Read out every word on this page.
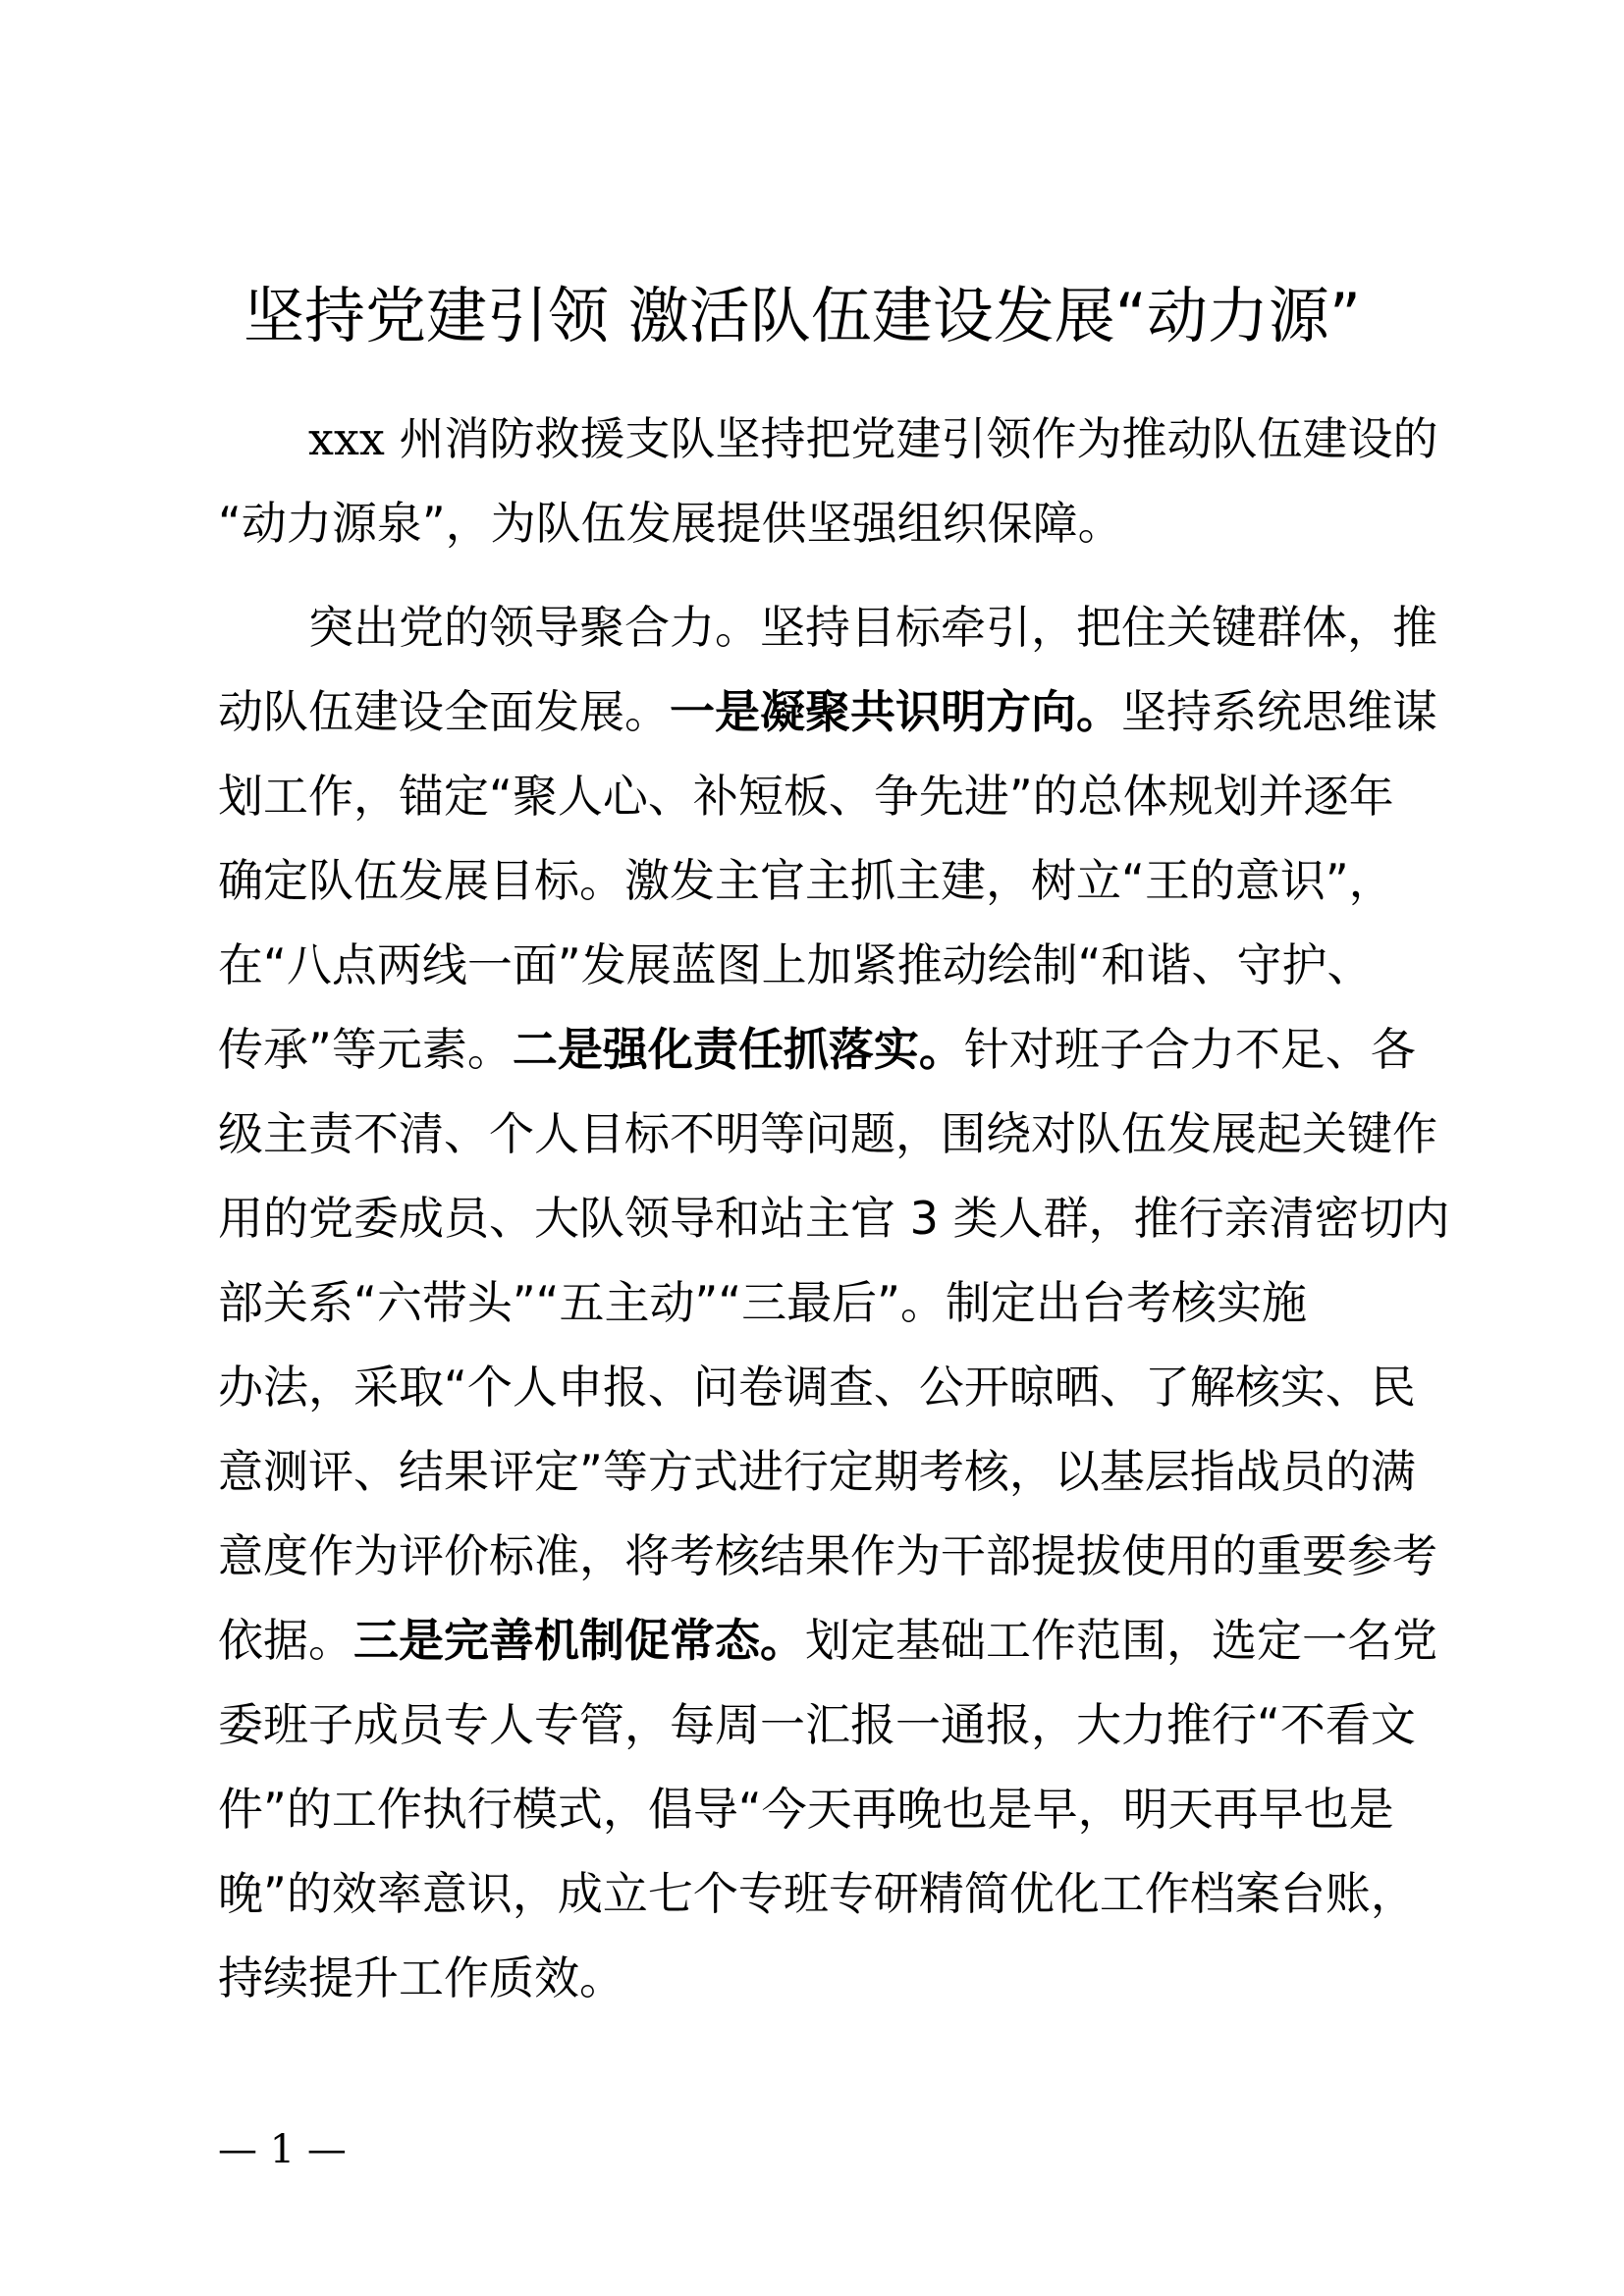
坚持党建引领 激活队伍建设发展“动力源”
xxx 州消防救援支队坚持把党建引领作为推动队伍建设的
“动力源泉”，为队伍发展提供坚强组织保障。
突出党的领导聚合力。坚持目标牵引，把住关键群体，推
动队伍建设全面发展。一是凝聚共识明方向。坚持系统思维谋
划工作，锚定“聚人心、补短板、争先进”的总体规划并逐年
确定队伍发展目标。激发主官主抓主建，树立“王的意识”，
在“八点两线一面”发展蓝图上加紧推动绘制“和谐、守护、
传承”等元素。二是强化责任抓落实。针对班子合力不足、各
级主责不清、个人目标不明等问题，围绕对队伍发展起关键作
用的党委成员、大队领导和站主官 3 类人群，推行亲清密切内
部关系“六带头”“五主动”“三最后”。制定出台考核实施
办法，采取“个人申报、问卷调查、公开晾晒、了解核实、民
意测评、结果评定”等方式进行定期考核，以基层指战员的满
意度作为评价标准，将考核结果作为干部提拔使用的重要参考
依据。三是完善机制促常态。划定基础工作范围，选定一名党
委班子成员专人专管，每周一汇报一通报，大力推行“不看文
件”的工作执行模式，倡导“今天再晚也是早，明天再早也是
晚”的效率意识，成立七个专班专研精简优化工作档案台账，
持续提升工作质效。
— 1 —
